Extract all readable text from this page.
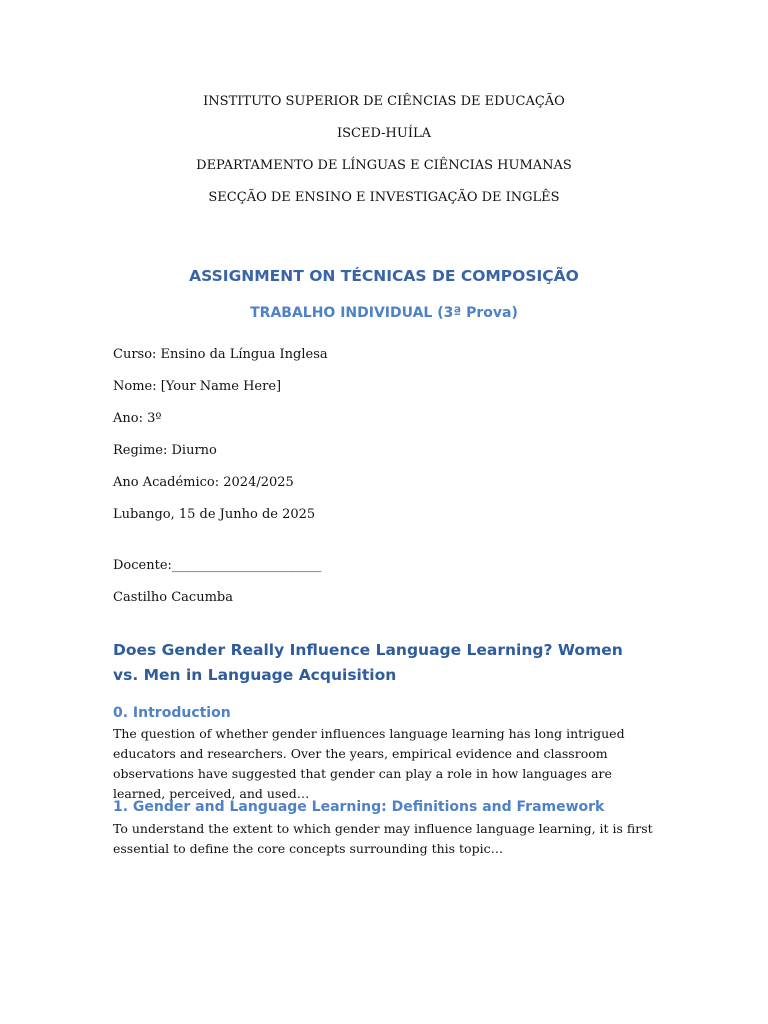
INSTITUTO SUPERIOR DE CIÊNCIAS DE EDUCAÇÃO
ISCED-HUÍLA
DEPARTAMENTO DE LÍNGUAS E CIÊNCIAS HUMANAS
SECÇÃO DE ENSINO E INVESTIGAÇÃO DE INGLÊS
ASSIGNMENT ON TÉCNICAS DE COMPOSIÇÃO
TRABALHO INDIVIDUAL (3ª Prova)
Curso: Ensino da Língua Inglesa
Nome: [Your Name Here]
Ano: 3º
Regime: Diurno
Ano Académico: 2024/2025
Lubango, 15 de Junho de 2025
Docente:_______________________
Castilho Cacumba
Does Gender Really Influence Language Learning? Women vs. Men in Language Acquisition
0. Introduction
The question of whether gender influences language learning has long intrigued educators and researchers. Over the years, empirical evidence and classroom observations have suggested that gender can play a role in how languages are learned, perceived, and used…
1. Gender and Language Learning: Definitions and Framework
To understand the extent to which gender may influence language learning, it is first essential to define the core concepts surrounding this topic…
